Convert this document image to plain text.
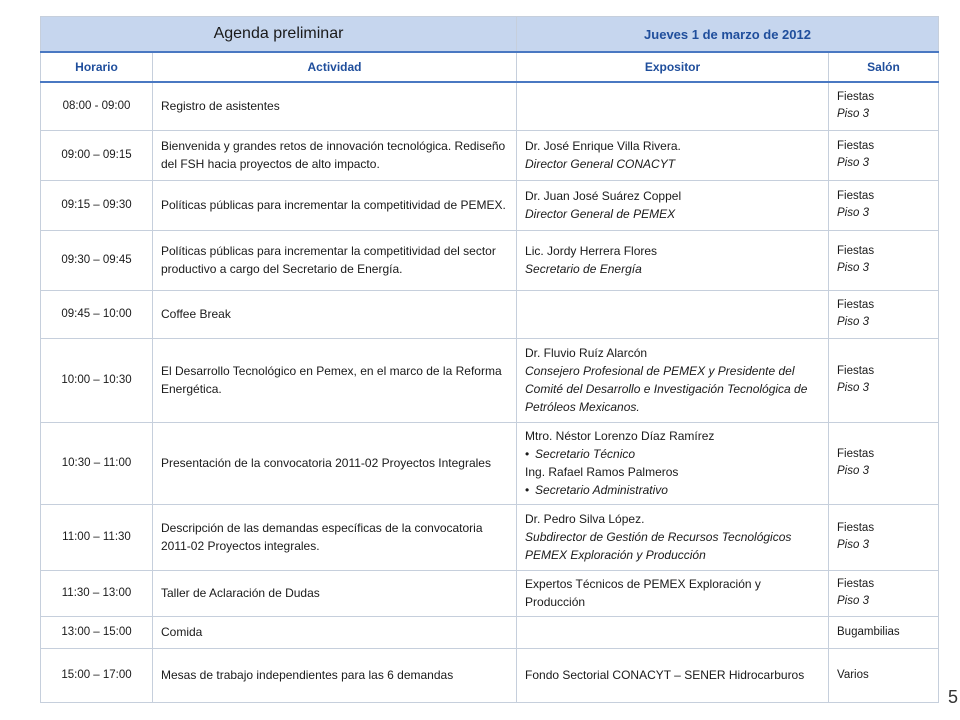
Agenda preliminar		Jueves 1 de marzo de 2012	
Horario	Actividad	Expositor	Salón
08:00 - 09:00	Registro de asistentes		Fiestas
Piso 3

09:00 – 09:15	Bienvenida y grandes retos de innovación tecnológica. Rediseño del FSH hacia proyectos de alto impacto.	Dr. José Enrique Villa Rivera.
Director General CONACYT	Fiestas
Piso 3

09:15 – 09:30	Políticas públicas para incrementar la competitividad de PEMEX.	Dr. Juan José Suárez Coppel
Director General de PEMEX	Fiestas
Piso 3

09:30 – 09:45	Políticas públicas para incrementar la competitividad del sector productivo a cargo del Secretario de Energía.	Lic. Jordy Herrera Flores
Secretario de Energía	Fiestas
Piso 3

09:45 – 10:00	Coffee Break		Fiestas
Piso 3

10:00 – 10:30	El Desarrollo Tecnológico en Pemex, en el marco de la Reforma Energética.	Dr. Fluvio Ruíz Alarcón
Consejero Profesional de PEMEX y Presidente del Comité del Desarrollo e Investigación Tecnológica de Petróleos Mexicanos.	Fiestas
Piso 3

10:30 – 11:00	Presentación de la convocatoria 2011-02 Proyectos Integrales	Mtro. Néstor Lorenzo Díaz Ramírez
• Secretario Técnico
Ing. Rafael Ramos Palmeros
• Secretario Administrativo	Fiestas
Piso 3

11:00 – 11:30	Descripción de las demandas específicas de la convocatoria 2011-02 Proyectos integrales.	Dr. Pedro Silva López.
Subdirector de Gestión de Recursos Tecnológicos PEMEX Exploración y Producción	Fiestas
Piso 3

11:30 – 13:00	Taller de Aclaración de Dudas	Expertos Técnicos de PEMEX Exploración y Producción	Fiestas
Piso 3

13:00 – 15:00	Comida		Bugambilias

15:00 – 17:00	Mesas de trabajo independientes para las 6 demandas	Fondo Sectorial CONACYT – SENER Hidrocarburos	Varios
5
